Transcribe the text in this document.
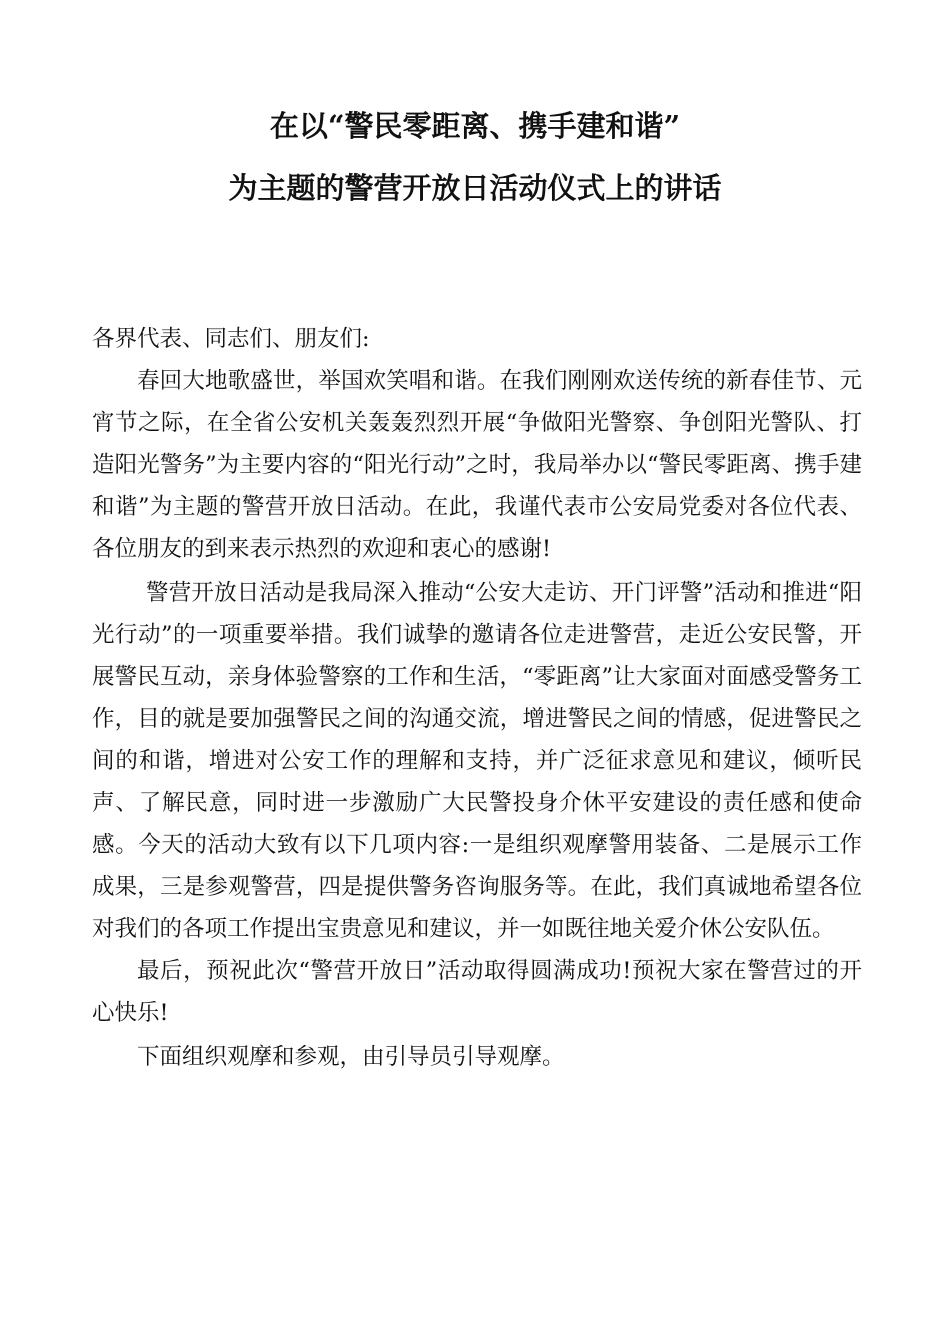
在以“警民零距离、携手建和谐”
为主题的警营开放日活动仪式上的讲话

各界代表、同志们、朋友们:

春回大地歌盛世，举国欢笑唱和谐。在我们刚刚欢送传统的新春佳节、元宵节之际，在全省公安机关轰轰烈烈开展“争做阳光警察、争创阳光警队、打造阳光警务”为主要内容的“阳光行动”之时，我局举办以“警民零距离、携手建和谐”为主题的警营开放日活动。在此，我谨代表市公安局党委对各位代表、各位朋友的到来表示热烈的欢迎和衷心的感谢!

警营开放日活动是我局深入推动“公安大走访、开门评警”活动和推进“阳光行动”的一项重要举措。我们诚挚的邀请各位走进警营，走近公安民警，开展警民互动，亲身体验警察的工作和生活，“零距离”让大家面对面感受警务工作，目的就是要加强警民之间的沟通交流，增进警民之间的情感，促进警民之间的和谐，增进对公安工作的理解和支持，并广泛征求意见和建议，倾听民声、了解民意，同时进一步激励广大民警投身介休平安建设的责任感和使命感。今天的活动大致有以下几项内容:一是组织观摩警用装备、二是展示工作成果，三是参观警营，四是提供警务咨询服务等。在此，我们真诚地希望各位对我们的各项工作提出宝贵意见和建议，并一如既往地关爱介休公安队伍。

最后，预祝此次“警营开放日”活动取得圆满成功!预祝大家在警营过的开心快乐!

下面组织观摩和参观，由引导员引导观摩。
